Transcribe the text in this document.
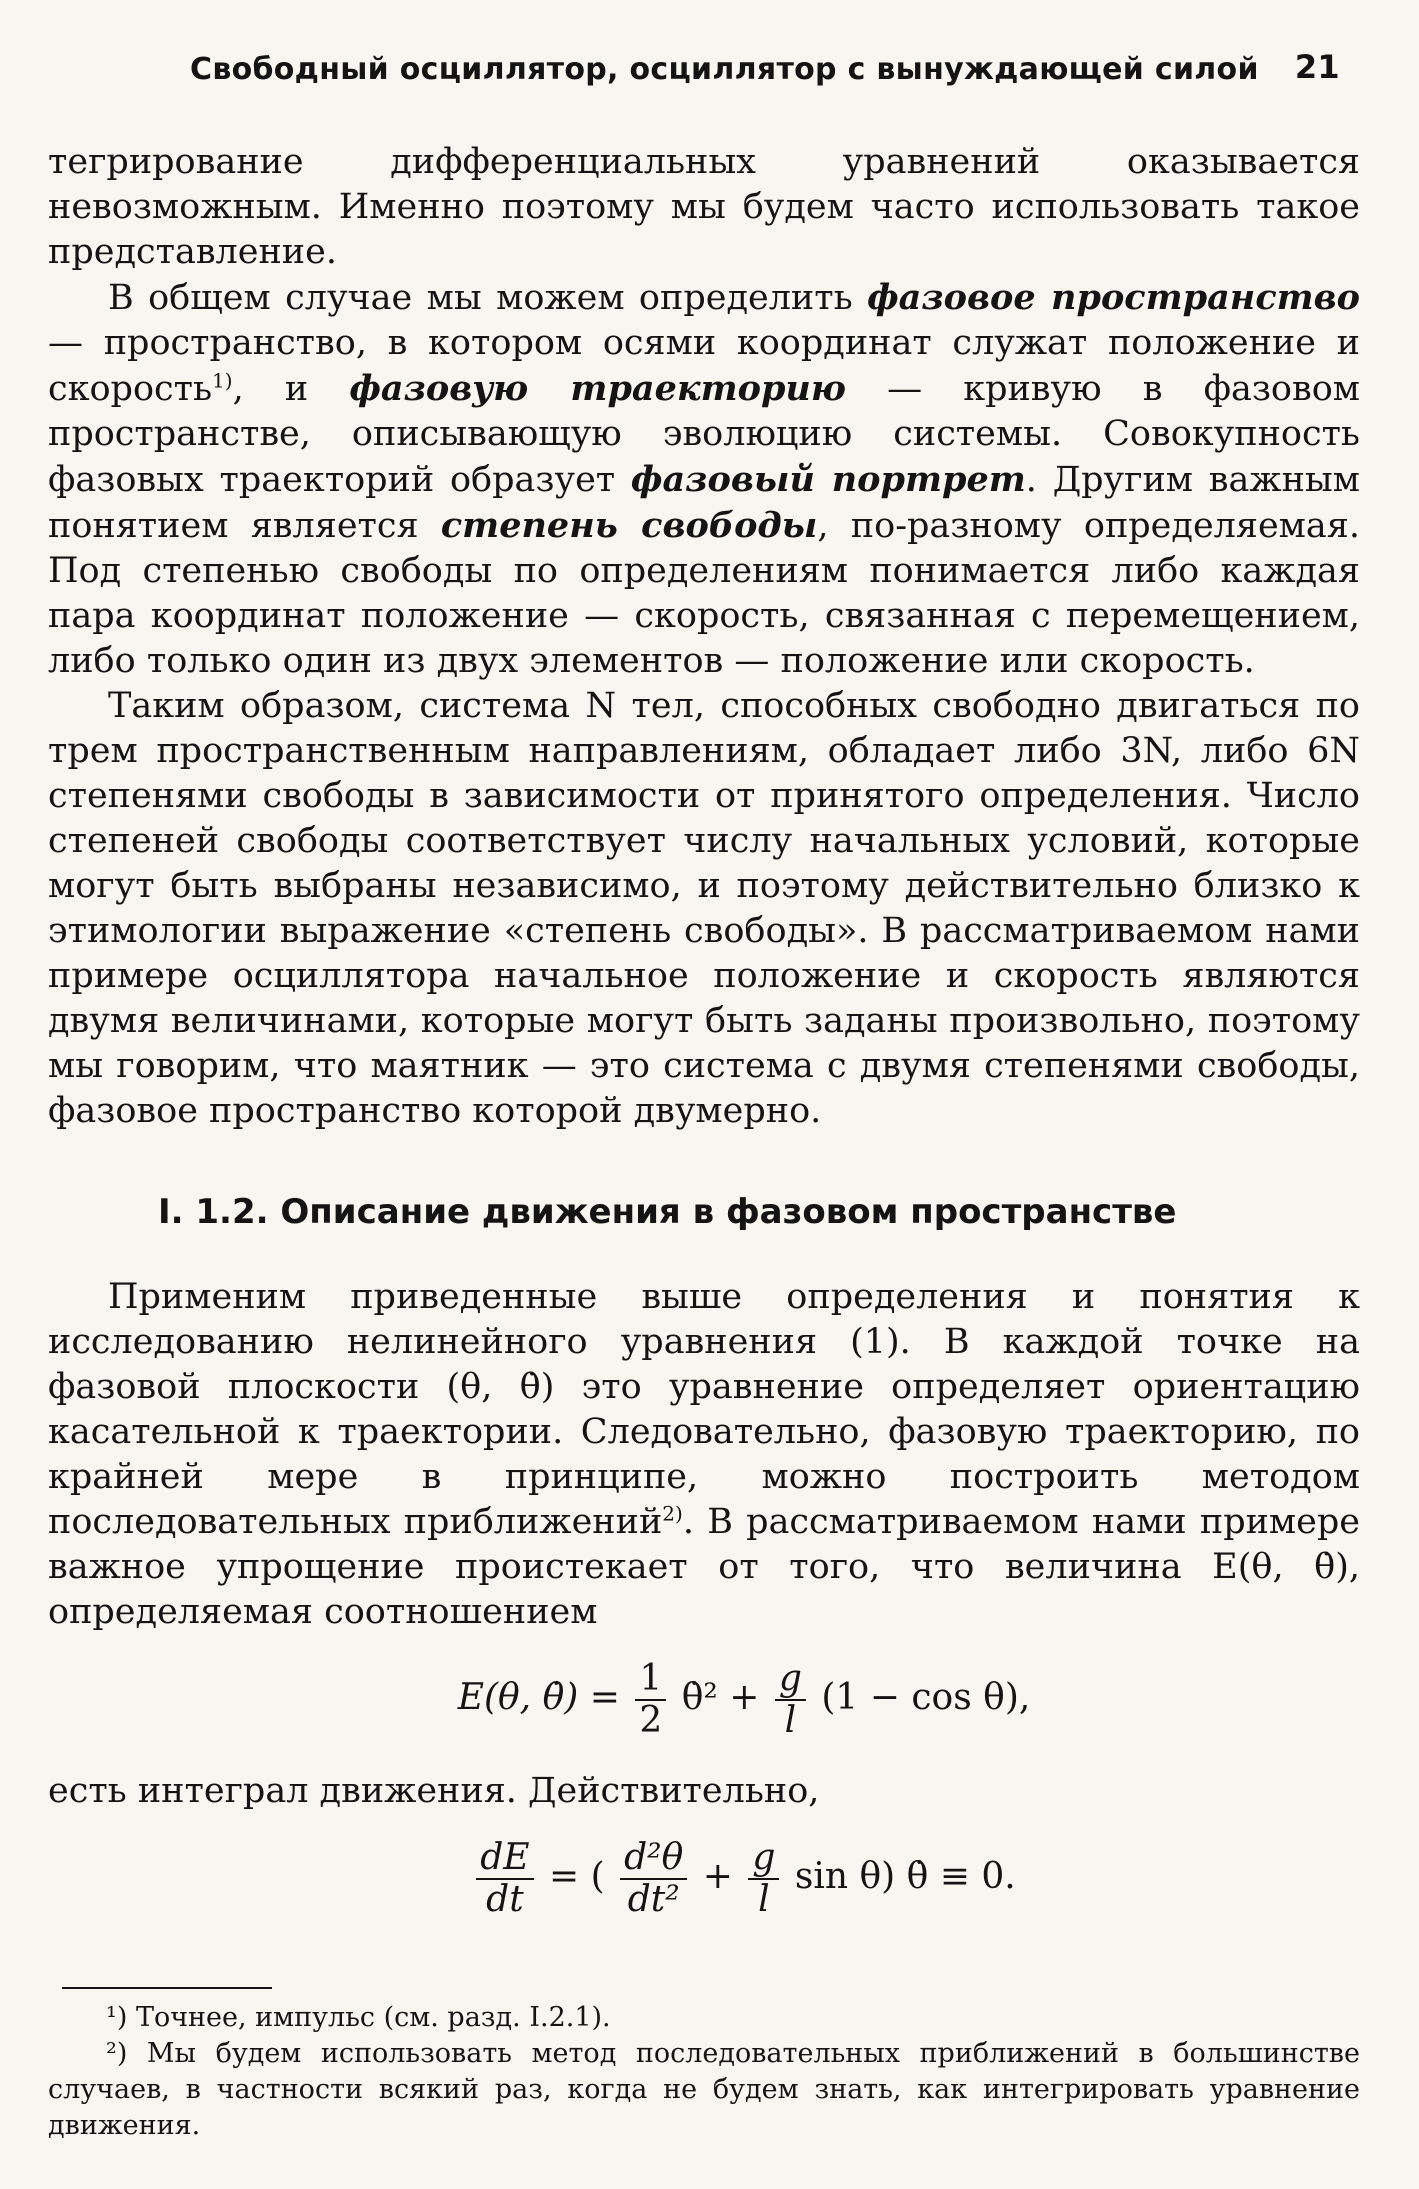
Свободный осциллятор, осциллятор с вынуждающей силой 21

тегрирование дифференциальных уравнений оказывается невозможным. Именно поэтому мы будем часто использовать такое представление.

В общем случае мы можем определить фазовое пространство — пространство, в котором осями координат служат положение и скорость$^{1)}$, и фазовую траекторию — кривую в фазовом пространстве, описывающую эволюцию системы. Совокупность фазовых траекторий образует фазовый портрет. Другим важным понятием является степень свободы, по-разному определяемая. Под степенью свободы по определениям понимается либо каждая пара координат положение — скорость, связанная с перемещением, либо только один из двух элементов — положение или скорость.

Таким образом, система N тел, способных свободно двигаться по трем пространственным направлениям, обладает либо 3N, либо 6N степенями свободы в зависимости от принятого определения. Число степеней свободы соответствует числу начальных условий, которые могут быть выбраны независимо, и поэтому действительно близко к этимологии выражение «степень свободы». В рассматриваемом нами примере осциллятора начальное положение и скорость являются двумя величинами, которые могут быть заданы произвольно, поэтому мы говорим, что маятник — это система с двумя степенями свободы, фазовое пространство которой двумерно.

I. 1.2. Описание движения в фазовом пространстве

Применим приведенные выше определения и понятия к исследованию нелинейного уравнения (1). В каждой точке на фазовой плоскости (θ, θ̇) это уравнение определяет ориентацию касательной к траектории. Следовательно, фазовую траекторию, по крайней мере в принципе, можно построить методом последовательных приближений$^{2)}$. В рассматриваемом нами примере важное упрощение проистекает от того, что величина E(θ, θ̇), определяемая соотношением

E(θ, θ̇) = $\frac{1}{2}$ θ̇² + $\frac{g}{l} (1 - \cos \theta)$,

есть интеграл движения. Действительно,

$\frac{dE}{dt}$ = ( $\frac{\text{d²θ}}{\text{dt²}} + \frac{g}{l}$ sin θ) θ̇ ≡ 0.

¹) Точнее, импульс (см. разд. I.2.1).

²) Мы будем использовать метод последовательных приближений в большинстве случаев, в частности всякий раз, когда не будем знать, как интегрировать уравнение движения.
